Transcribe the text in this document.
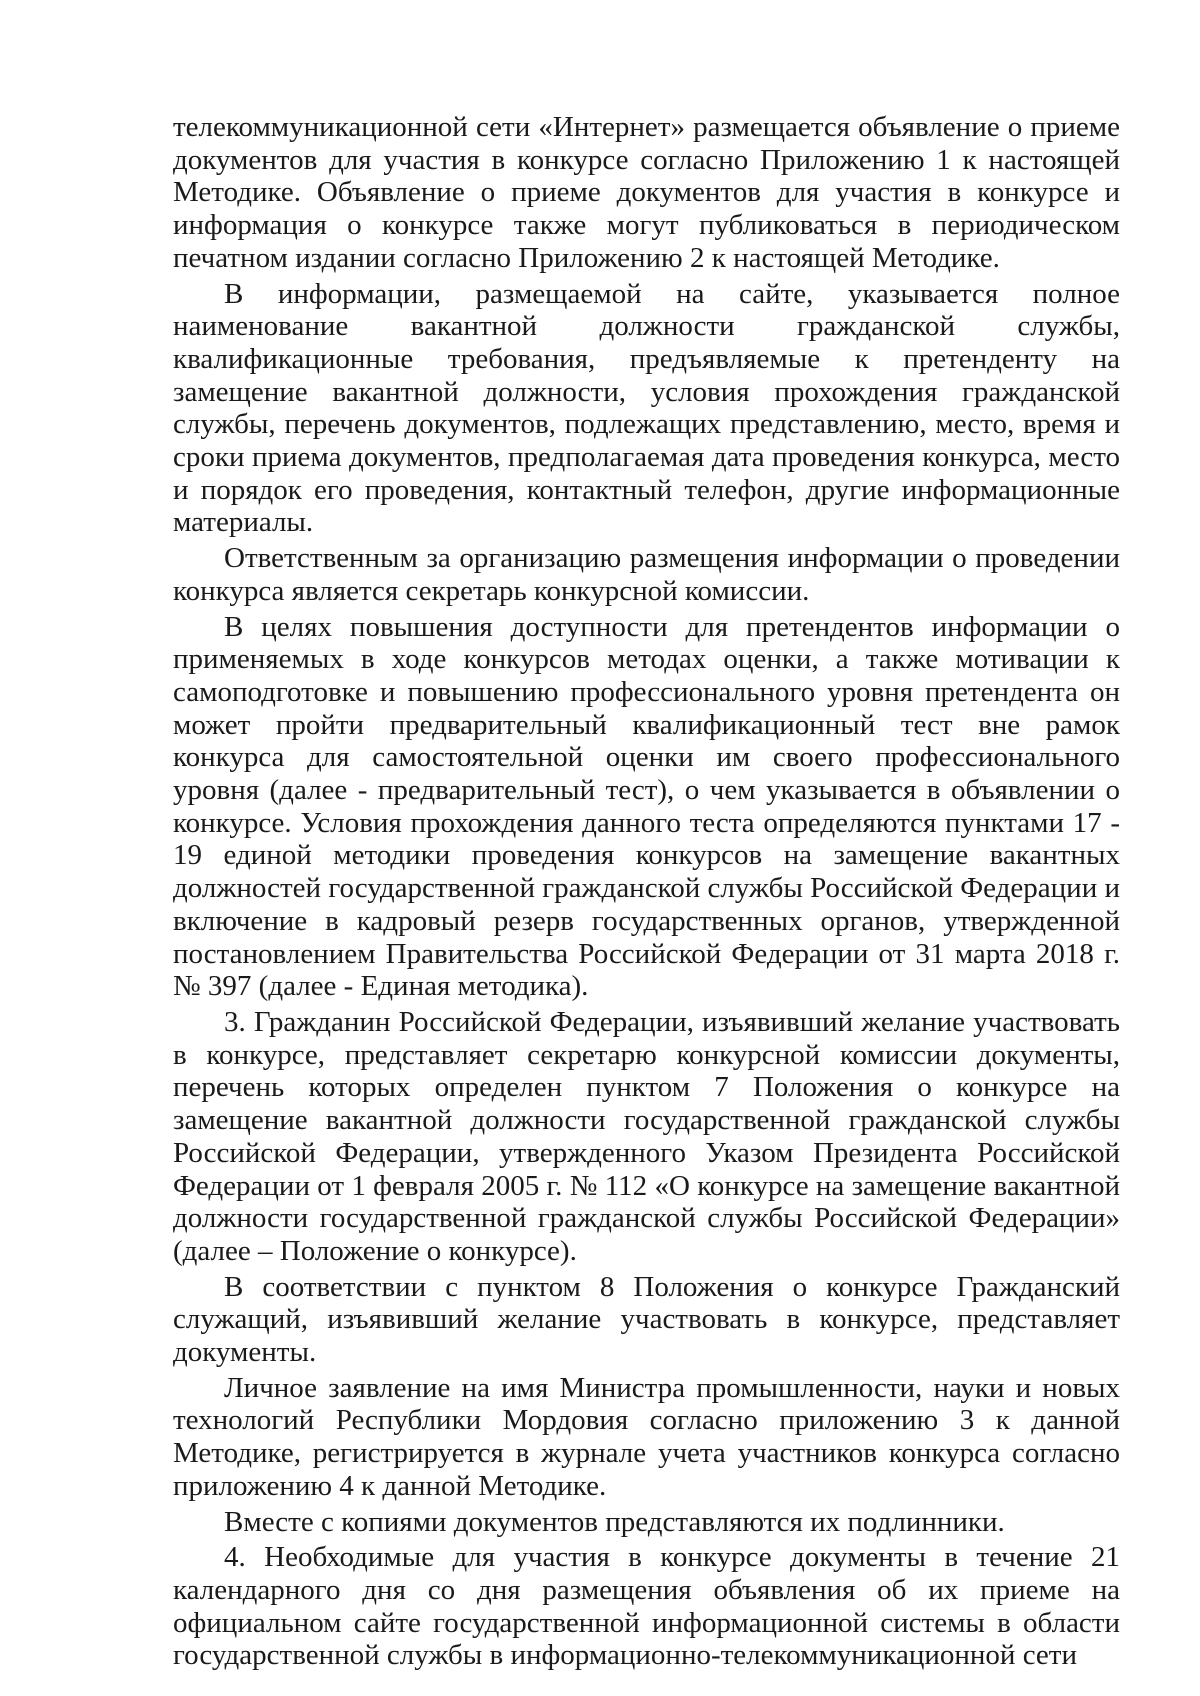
телекоммуникационной сети «Интернет» размещается объявление о приеме документов для участия в конкурсе согласно Приложению 1 к настоящей Методике. Объявление о приеме документов для участия в конкурсе и информация о конкурсе также могут публиковаться в периодическом печатном издании согласно Приложению 2 к настоящей Методике.

В информации, размещаемой на сайте, указывается полное наименование вакантной должности гражданской службы, квалификационные требования, предъявляемые к претенденту на замещение вакантной должности, условия прохождения гражданской службы, перечень документов, подлежащих представлению, место, время и сроки приема документов, предполагаемая дата проведения конкурса, место и порядок его проведения, контактный телефон, другие информационные материалы.

Ответственным за организацию размещения информации о проведении конкурса является секретарь конкурсной комиссии.

В целях повышения доступности для претендентов информации о применяемых в ходе конкурсов методах оценки, а также мотивации к самоподготовке и повышению профессионального уровня претендента он может пройти предварительный квалификационный тест вне рамок конкурса для самостоятельной оценки им своего профессионального уровня (далее - предварительный тест), о чем указывается в объявлении о конкурсе. Условия прохождения данного теста определяются пунктами 17 - 19 единой методики проведения конкурсов на замещение вакантных должностей государственной гражданской службы Российской Федерации и включение в кадровый резерв государственных органов, утвержденной постановлением Правительства Российской Федерации от 31 марта 2018 г. № 397 (далее - Единая методика).

3. Гражданин Российской Федерации, изъявивший желание участвовать в конкурсе, представляет секретарю конкурсной комиссии документы, перечень которых определен пунктом 7 Положения о конкурсе на замещение вакантной должности государственной гражданской службы Российской Федерации, утвержденного Указом Президента Российской Федерации от 1 февраля 2005 г. № 112 «О конкурсе на замещение вакантной должности государственной гражданской службы Российской Федерации» (далее – Положение о конкурсе).

В соответствии с пунктом 8 Положения о конкурсе Гражданский служащий, изъявивший желание участвовать в конкурсе, представляет документы.

Личное заявление на имя Министра промышленности, науки и новых технологий Республики Мордовия согласно приложению 3 к данной Методике, регистрируется в журнале учета участников конкурса согласно приложению 4 к данной Методике.

Вместе с копиями документов представляются их подлинники.

4. Необходимые для участия в конкурсе документы в течение 21 календарного дня со дня размещения объявления об их приеме на официальном сайте государственной информационной системы в области государственной службы в информационно-телекоммуникационной сети
